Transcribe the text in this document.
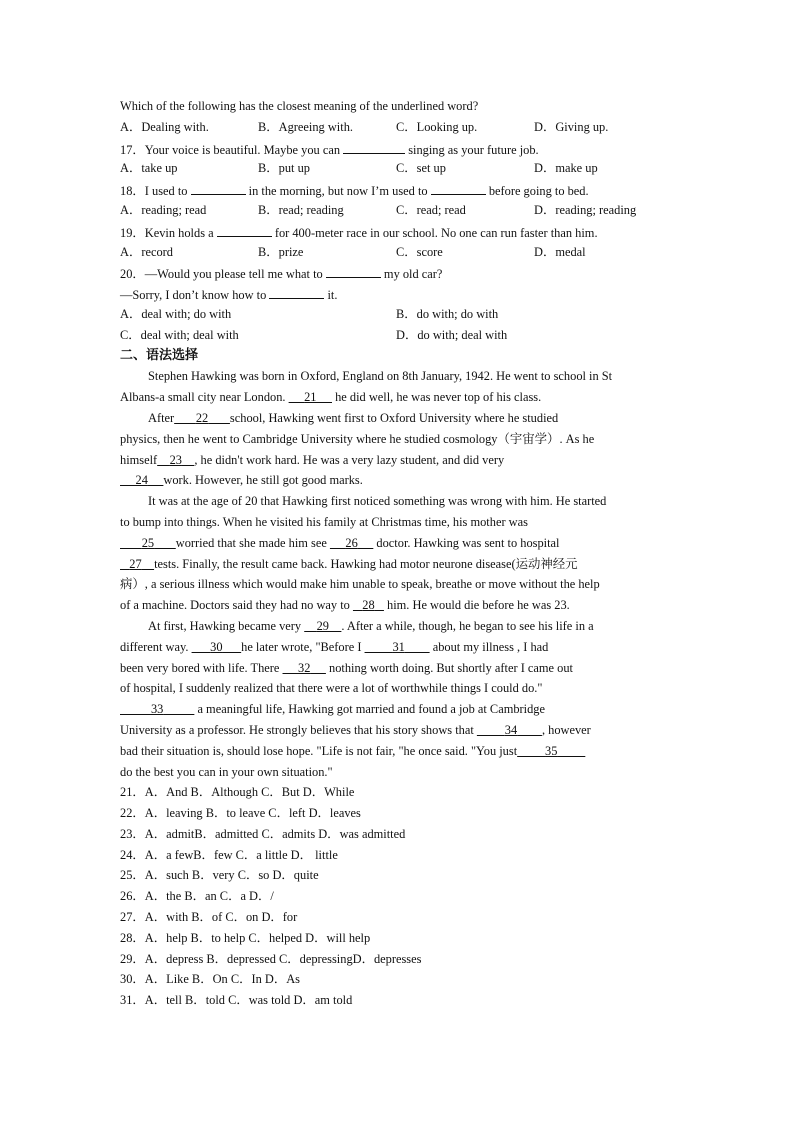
Which of the following has the closest meaning of the underlined word?
A．Dealing with.	B．Agreeing with.	C．Looking up.	D．Giving up.
17．Your voice is beautiful. Maybe you can	singing as your future job.
A．take up	B．put up	C．set up	D．make up
18．I used to	in the morning, but now I’m used to	before going to bed.
A．reading; read	B．read; reading	C．read; read	D．reading; reading
19．Kevin holds a	for 400-meter race in our school. No one can run faster than him.
A．record	B．prize	C．score	D．medal
20．—Would you please tell me what to	my old car?
—Sorry, I don’t know how to	it.
A．deal with; do with	B．do with; do with
C．deal with; deal with	D．do with; deal with
二、语法选择
Stephen Hawking was born in Oxford, England on 8th January, 1942. He went to school in St
Albans-a small city near London.      21      he did well, he was never top of his class.
After 22 school, Hawking went first to Oxford University where he studied
physics, then he went to Cambridge University where he studied cosmology（宇宙学）. As he
himself 23 , he didn't work hard. He was a very lazy student, and did very
24 work. However, he still got good marks.
It was at the age of 20 that Hawking first noticed something was wrong with him. He started
to bump into things. When he visited his family at Christmas time, his mother was
25 worried that she made him see      26      doctor. Hawking was sent to hospital
27 tests. Finally, the result came back. Hawking had motor neurone disease(运动神经元
病）, a serious illness which would make him unable to speak, breathe or move without the help
of a machine. Doctors said they had no way to    28    him. He would die before he was 23.
At first, Hawking became very     29 . After a while, though, he began to see his life in a
different way.       30 he later wrote, "Before I          31         about my illness , I had
been very bored with life. There      32      nothing worth doing. But shortly after I came out
of hospital, I suddenly realized that there were a lot of worthwhile things I could do."
33           a meaningful life, Hawking got married and found a job at Cambridge
University as a professor. He strongly believes that his story shows that          34 , however
bad their situation is, should lose hope. "Life is not fair, "he once said. "You just 35
do the best you can in your own situation."
21．A．And B．Although C．But D．While
22．A．leaving B．to leave C．left D．leaves
23．A．admitB．admitted C．admits D．was admitted
24．A．a fewB．few C．a little D． little
25．A．such B．very C．so D．quite
26．A．the B．an C．a D．/
27．A．with B．of C．on D．for
28．A．help B．to help C．helped D．will help
29．A．depress B．depressed C．depressingD．depresses
30．A．Like B．On C．In D．As
31．A．tell B．told C．was told D．am told
